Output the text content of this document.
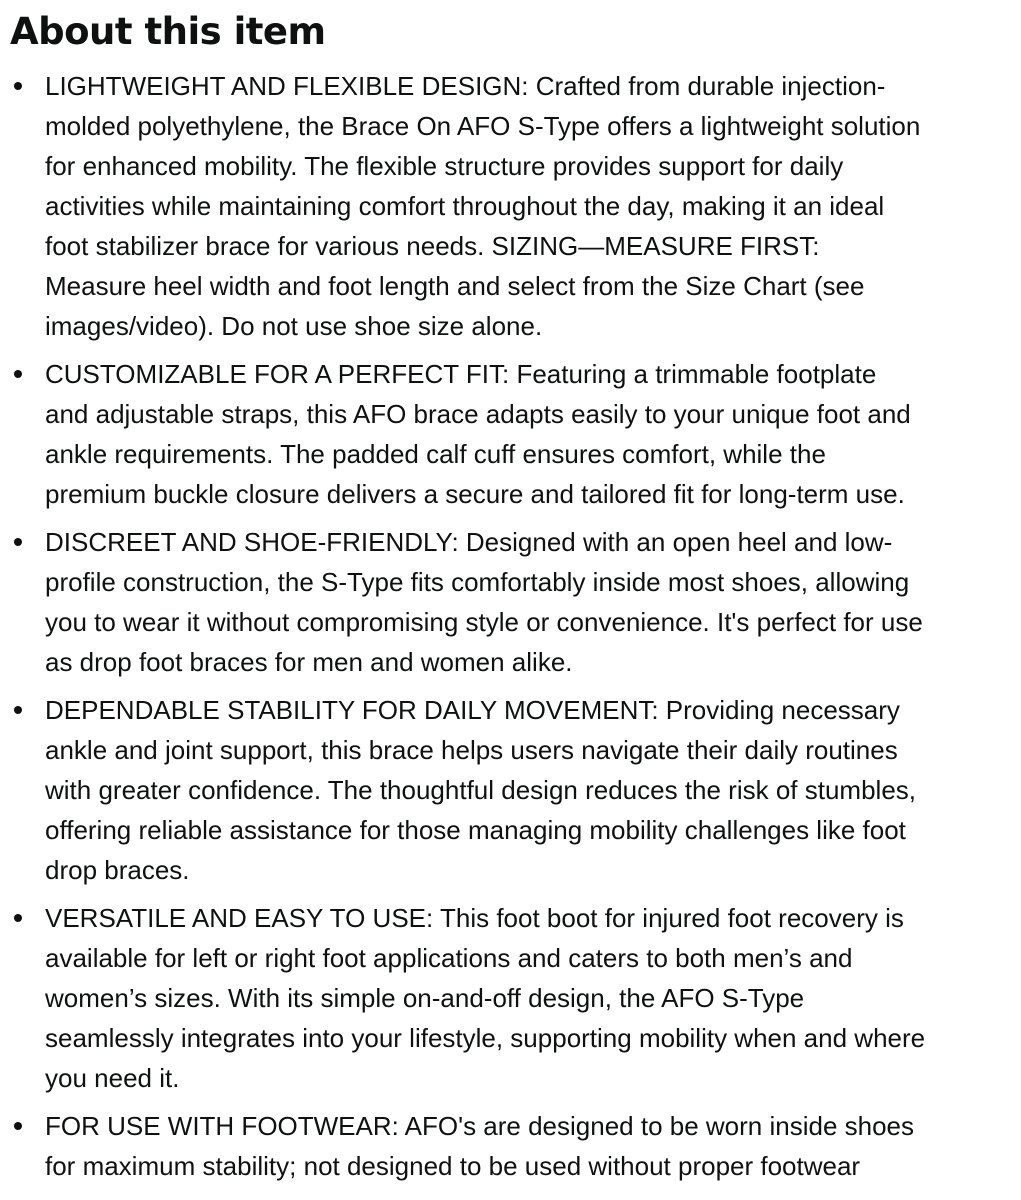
About this item
LIGHTWEIGHT AND FLEXIBLE DESIGN: Crafted from durable injection-
molded polyethylene, the Brace On AFO S-Type offers a lightweight solution
for enhanced mobility. The flexible structure provides support for daily
activities while maintaining comfort throughout the day, making it an ideal
foot stabilizer brace for various needs. SIZING—MEASURE FIRST:
Measure heel width and foot length and select from the Size Chart (see
images/video). Do not use shoe size alone.
CUSTOMIZABLE FOR A PERFECT FIT: Featuring a trimmable footplate
and adjustable straps, this AFO brace adapts easily to your unique foot and
ankle requirements. The padded calf cuff ensures comfort, while the
premium buckle closure delivers a secure and tailored fit for long-term use.
DISCREET AND SHOE-FRIENDLY: Designed with an open heel and low-
profile construction, the S-Type fits comfortably inside most shoes, allowing
you to wear it without compromising style or convenience. It's perfect for use
as drop foot braces for men and women alike.
DEPENDABLE STABILITY FOR DAILY MOVEMENT: Providing necessary
ankle and joint support, this brace helps users navigate their daily routines
with greater confidence. The thoughtful design reduces the risk of stumbles,
offering reliable assistance for those managing mobility challenges like foot
drop braces.
VERSATILE AND EASY TO USE: This foot boot for injured foot recovery is
available for left or right foot applications and caters to both men’s and
women’s sizes. With its simple on-and-off design, the AFO S-Type
seamlessly integrates into your lifestyle, supporting mobility when and where
you need it.
FOR USE WITH FOOTWEAR: AFO's are designed to be worn inside shoes
for maximum stability; not designed to be used without proper footwear
